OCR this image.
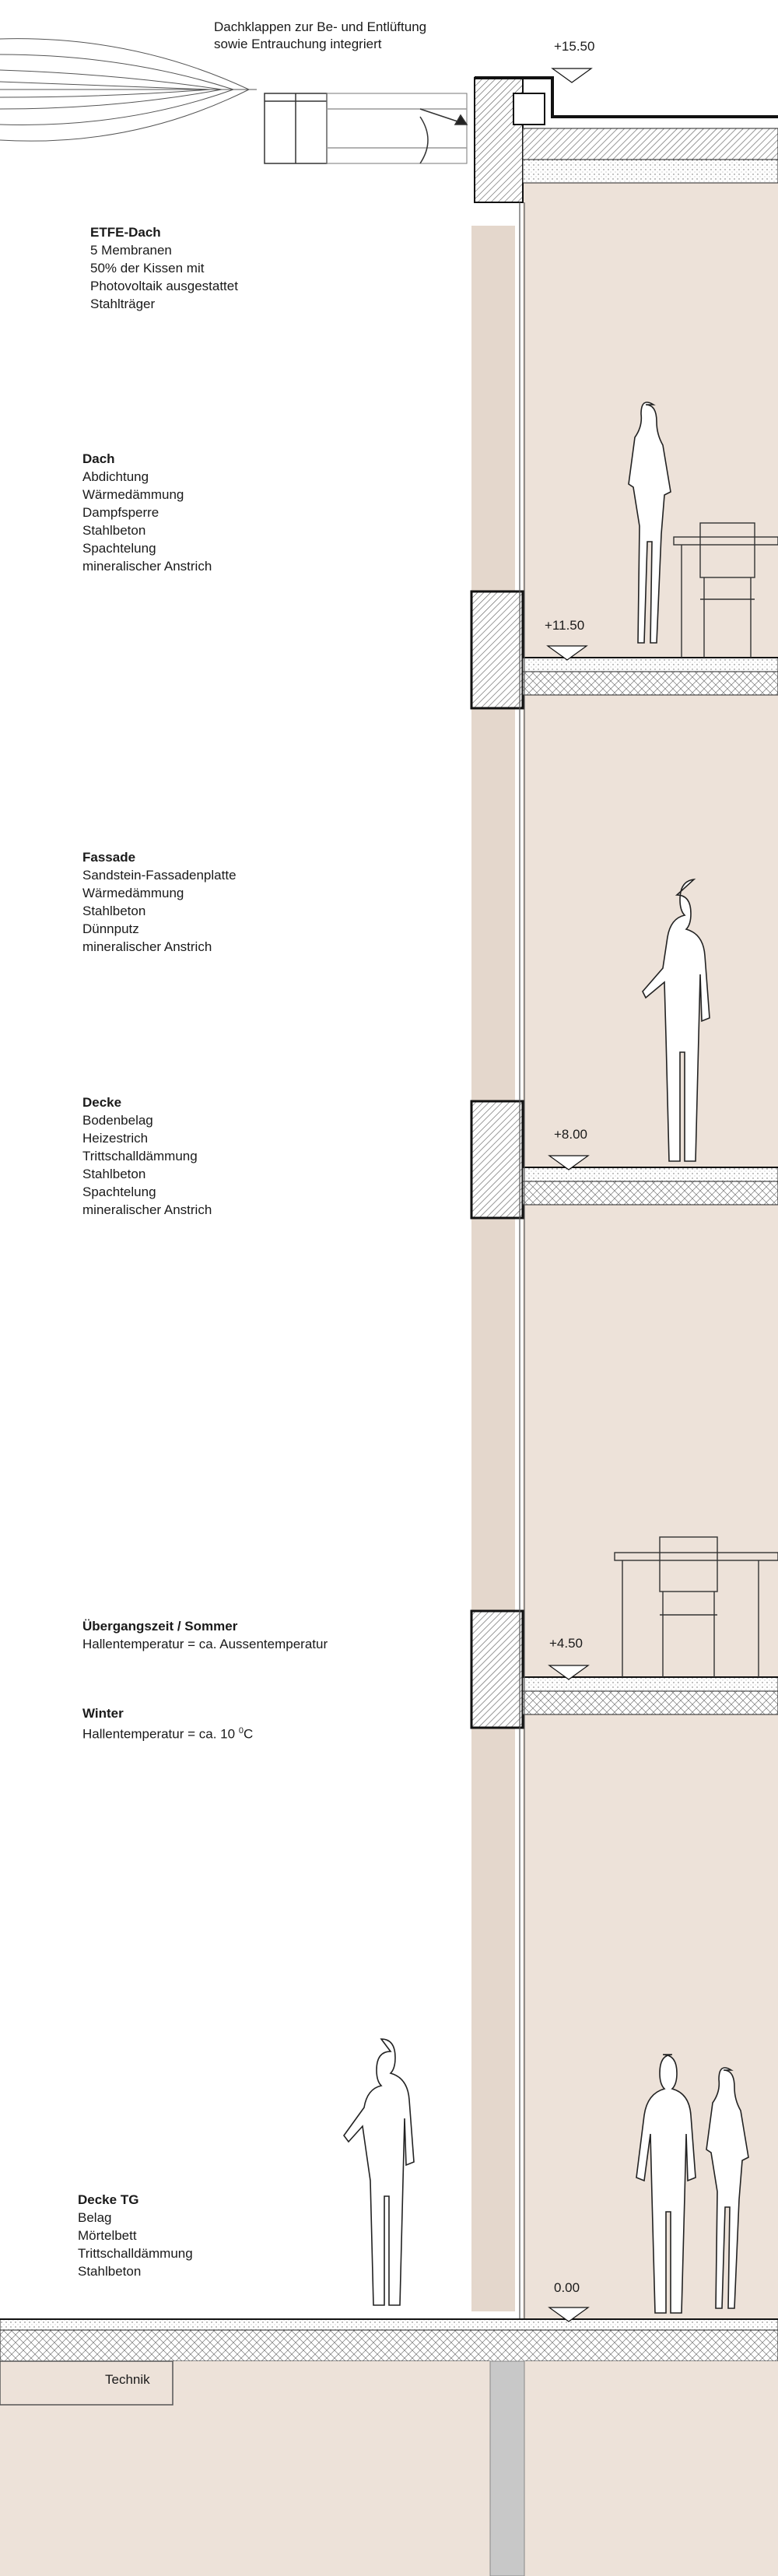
Dachklappen zur Be- und Entlüftung
sowie Entrauchung integriert	+15.50
+11.50
+8.00
+4.50
0.00
ETFE-Dach
5 Membranen
50% der Kissen mit
Photovoltaik ausgestattet
Stahlträger
Dach
Abdichtung
Wärmedämmung
Dampfsperre
Stahlbeton
Spachtelung
mineralischer Anstrich
Fassade
Sandstein-Fassadenplatte
Wärmedämmung
Stahlbeton
Dünnputz
mineralischer Anstrich
Decke
Bodenbelag
Heizestrich
Trittschalldämmung
Stahlbeton
Spachtelung
mineralischer Anstrich
Übergangszeit / Sommer
Hallentemperatur = ca. Aussentemperatur
Winter
Hallentemperatur = ca. 10 $^0$C
Decke TG
Belag
Mörtelbett
Trittschalldämmung
Stahlbeton
Technik
